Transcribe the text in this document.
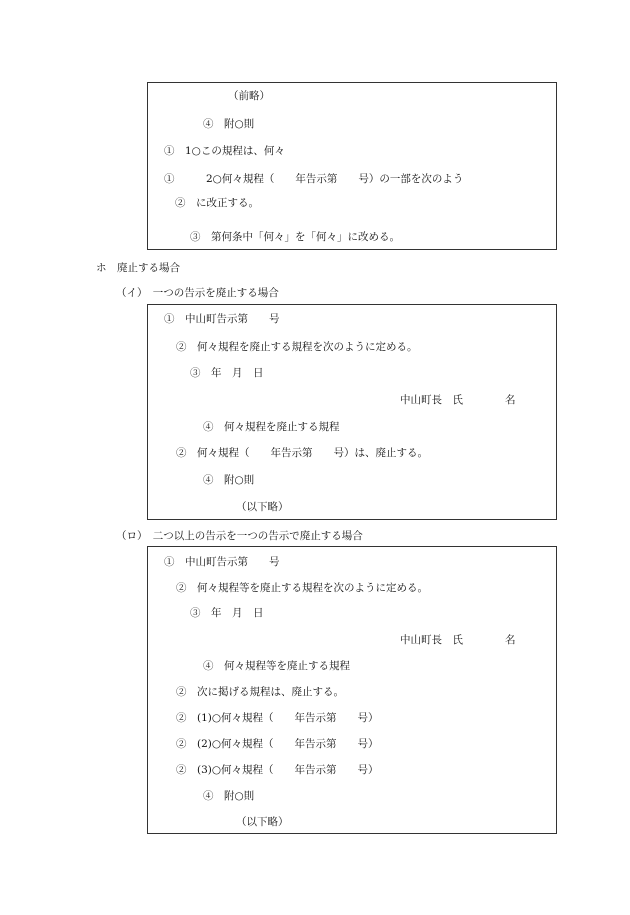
（前略）
④　附○則
①　1○この規程は、何々
①　　　2○何々規程（　　年告示第　　号）の一部を次のよう
②　に改正する。
③　第何条中「何々」を「何々」に改める。
ホ　廃止する場合
（イ）　一つの告示を廃止する場合
①　中山町告示第　　号
②　何々規程を廃止する規程を次のように定める。
③　年　月　日
中山町長　氏　　　　名
④　何々規程を廃止する規程
②　何々規程（　　年告示第　　号）は、廃止する。
④　附○則
（以下略）
（ロ）　二つ以上の告示を一つの告示で廃止する場合
①　中山町告示第　　号
②　何々規程等を廃止する規程を次のように定める。
③　年　月　日
中山町長　氏　　　　名
④　何々規程等を廃止する規程
②　次に掲げる規程は、廃止する。
②　(1)○何々規程（　　年告示第　　号）
②　(2)○何々規程（　　年告示第　　号）
②　(3)○何々規程（　　年告示第　　号）
④　附○則
（以下略）
